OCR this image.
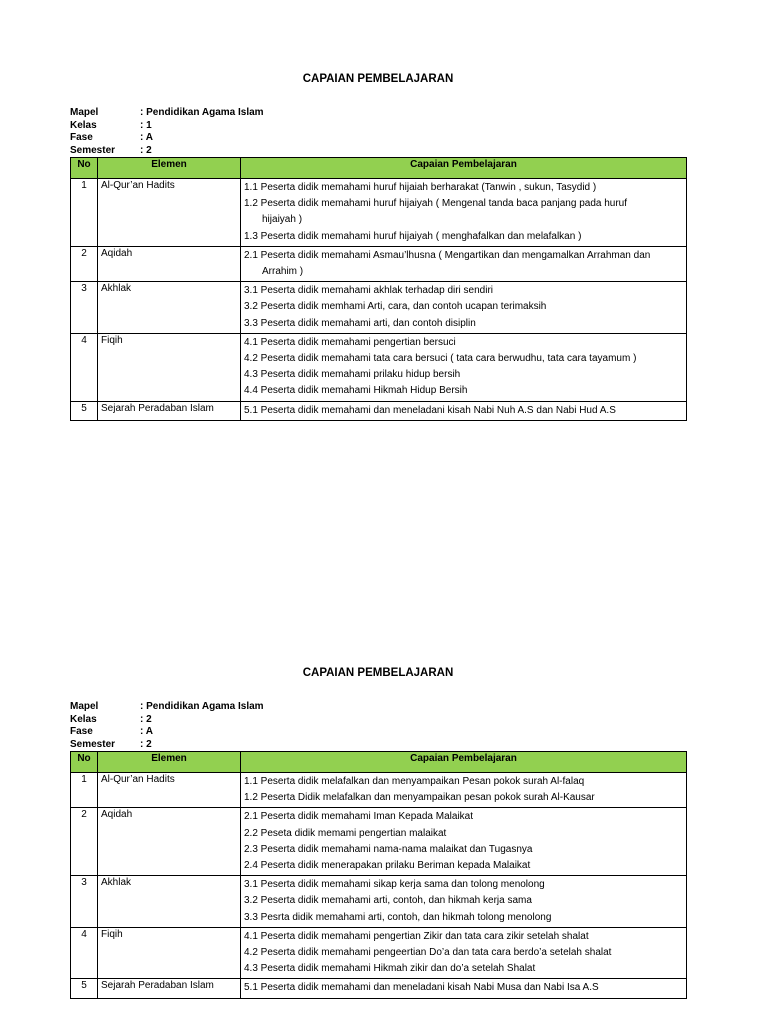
CAPAIAN PEMBELAJARAN
Mapel	: Pendidikan Agama Islam
Kelas	: 1
Fase	: A
Semester	: 2
No	Elemen	Capaian Pembelajaran
1	Al-Qur’an Hadits	1.1 Peserta didik memahami huruf hijaiah berharakat (Tanwin , sukun, Tasydid )
1.2 Peserta didik memahami huruf hijaiyah ( Mengenal tanda baca panjang pada huruf
hijaiyah )
1.3 Peserta didik memahami huruf hijaiyah ( menghafalkan dan melafalkan )

2	Aqidah	2.1 Peserta didik memahami Asmau’lhusna ( Mengartikan dan mengamalkan Arrahman dan
Arrahim )

3	Akhlak	3.1 Peserta didik memahami akhlak terhadap diri sendiri
3.2 Peserta didik memhami Arti, cara, dan contoh ucapan terimaksih
3.3 Peserta didik memahami arti, dan contoh disiplin

4	Fiqih	4.1 Peserta didik memahami pengertian bersuci
4.2 Peserta didik memahami tata cara bersuci ( tata cara berwudhu, tata cara tayamum )
4.3 Peserta didik memahami prilaku hidup bersih
4.4 Peserta didik memahami Hikmah Hidup Bersih

5	Sejarah Peradaban Islam	5.1 Peserta didik memahami dan meneladani kisah Nabi Nuh A.S dan Nabi Hud A.S
CAPAIAN PEMBELAJARAN
Mapel	: Pendidikan Agama Islam
Kelas	: 2
Fase	: A
Semester	: 2
No	Elemen	Capaian Pembelajaran
1	Al-Qur’an Hadits	1.1 Peserta didik melafalkan dan menyampaikan Pesan pokok surah Al-falaq
1.2 Peserta Didik melafalkan dan menyampaikan pesan pokok surah Al-Kausar

2	Aqidah	2.1 Peserta didik memahami Iman Kepada Malaikat
2.2 Peseta didik memami pengertian malaikat
2.3 Peserta didik memahami nama-nama malaikat dan Tugasnya
2.4 Peserta didik menerapakan prilaku Beriman kepada Malaikat

3	Akhlak	3.1 Peserta didik memahami sikap kerja sama dan tolong menolong
3.2 Peserta didik memahami arti, contoh, dan hikmah kerja sama
3.3 Pesrta didik memahami arti, contoh, dan hikmah tolong menolong

4	Fiqih	4.1 Peserta didik memahami pengertian Zikir dan tata cara zikir setelah shalat
4.2 Peserta didik memahami pengeertian Do’a dan tata cara berdo’a setelah shalat
4.3 Peserta didik memahami Hikmah zikir dan do’a setelah Shalat

5	Sejarah Peradaban Islam	5.1 Peserta didik memahami dan meneladani kisah Nabi Musa dan Nabi Isa A.S
